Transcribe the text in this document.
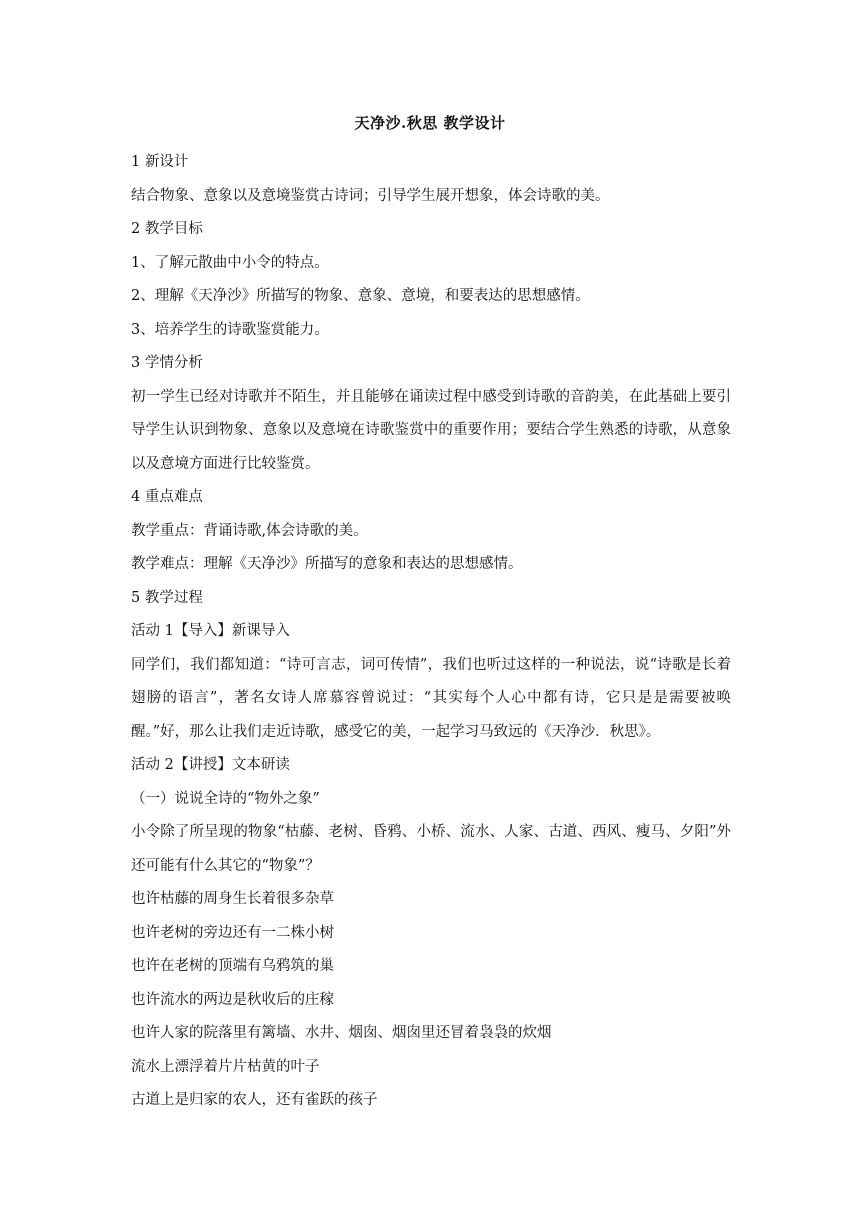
天净沙.秋思 教学设计

1 新设计

结合物象、意象以及意境鉴赏古诗词；引导学生展开想象，体会诗歌的美。

2 教学目标

1、了解元散曲中小令的特点。

2、理解《天净沙》所描写的物象、意象、意境，和要表达的思想感情。

3、培养学生的诗歌鉴赏能力。

3 学情分析

初一学生已经对诗歌并不陌生，并且能够在诵读过程中感受到诗歌的音韵美，在此基础上要引导学生认识到物象、意象以及意境在诗歌鉴赏中的重要作用；要结合学生熟悉的诗歌，从意象以及意境方面进行比较鉴赏。

4 重点难点

教学重点：背诵诗歌,体会诗歌的美。

教学难点：理解《天净沙》所描写的意象和表达的思想感情。

5 教学过程

活动 1【导入】新课导入

同学们，我们都知道：“诗可言志，词可传情”，我们也听过这样的一种说法，说“诗歌是长着翅膀的语言”，著名女诗人席慕容曾说过：“其实每个人心中都有诗，它只是是需要被唤醒。”好，那么让我们走近诗歌，感受它的美，一起学习马致远的《天净沙．秋思》。

活动 2【讲授】文本研读

（一）说说全诗的“物外之象”

小令除了所呈现的物象“枯藤、老树、昏鸦、小桥、流水、人家、古道、西风、瘦马、夕阳”外还可能有什么其它的“物象”？

也许枯藤的周身生长着很多杂草

也许老树的旁边还有一二株小树

也许在老树的顶端有乌鸦筑的巢

也许流水的两边是秋收后的庄稼

也许人家的院落里有篱墙、水井、烟囱、烟囱里还冒着袅袅的炊烟

流水上漂浮着片片枯黄的叶子

古道上是归家的农人，还有雀跃的孩子
